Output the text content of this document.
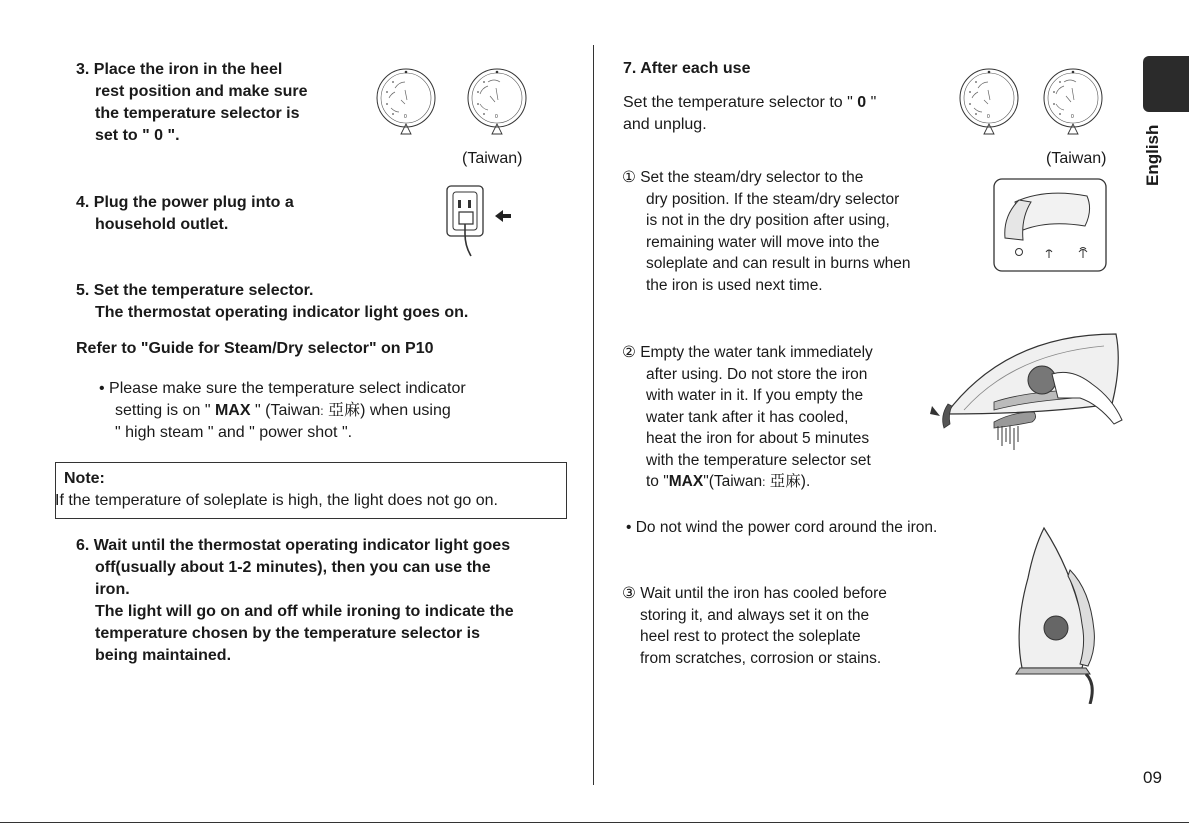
3. Place the iron in the heel
rest position and make sure
the temperature selector is
set to " 0 ".
0	0
(Taiwan)
4. Plug the power plug into a
household outlet.
5. Set the temperature selector.
The thermostat operating indicator light goes on.
Refer to "Guide for Steam/Dry selector" on P10
• Please make sure the temperature select indicator
setting is on " MAX " (Taiwan: 亞麻) when using
" high steam " and " power shot ".
Note:
If the temperature of soleplate is high, the light does not go on.
6. Wait until the thermostat operating indicator light goes
off(usually about 1-2 minutes), then you can use the
iron.
The light will go on and off while ironing to indicate the
temperature chosen by the temperature selector is
being maintained.
7. After each use
Set the temperature selector to " 0 "
and unplug.	0	0
(Taiwan)
① Set the steam/dry selector to the
dry position. If the steam/dry selector
is not in the dry position after using,
remaining water will move into the
soleplate and can result in burns when
the iron is used next time.
② Empty the water tank immediately
after using. Do not store the iron
with water in it. If you empty the
water tank after it has cooled,
heat the iron for about 5 minutes
with the temperature selector set
to "MAX"(Taiwan: 亞麻).
• Do not wind the power cord around the iron.
③ Wait until the iron has cooled before
storing it, and always set it on the
heel rest to protect the soleplate
from scratches, corrosion or stains.
English
09
